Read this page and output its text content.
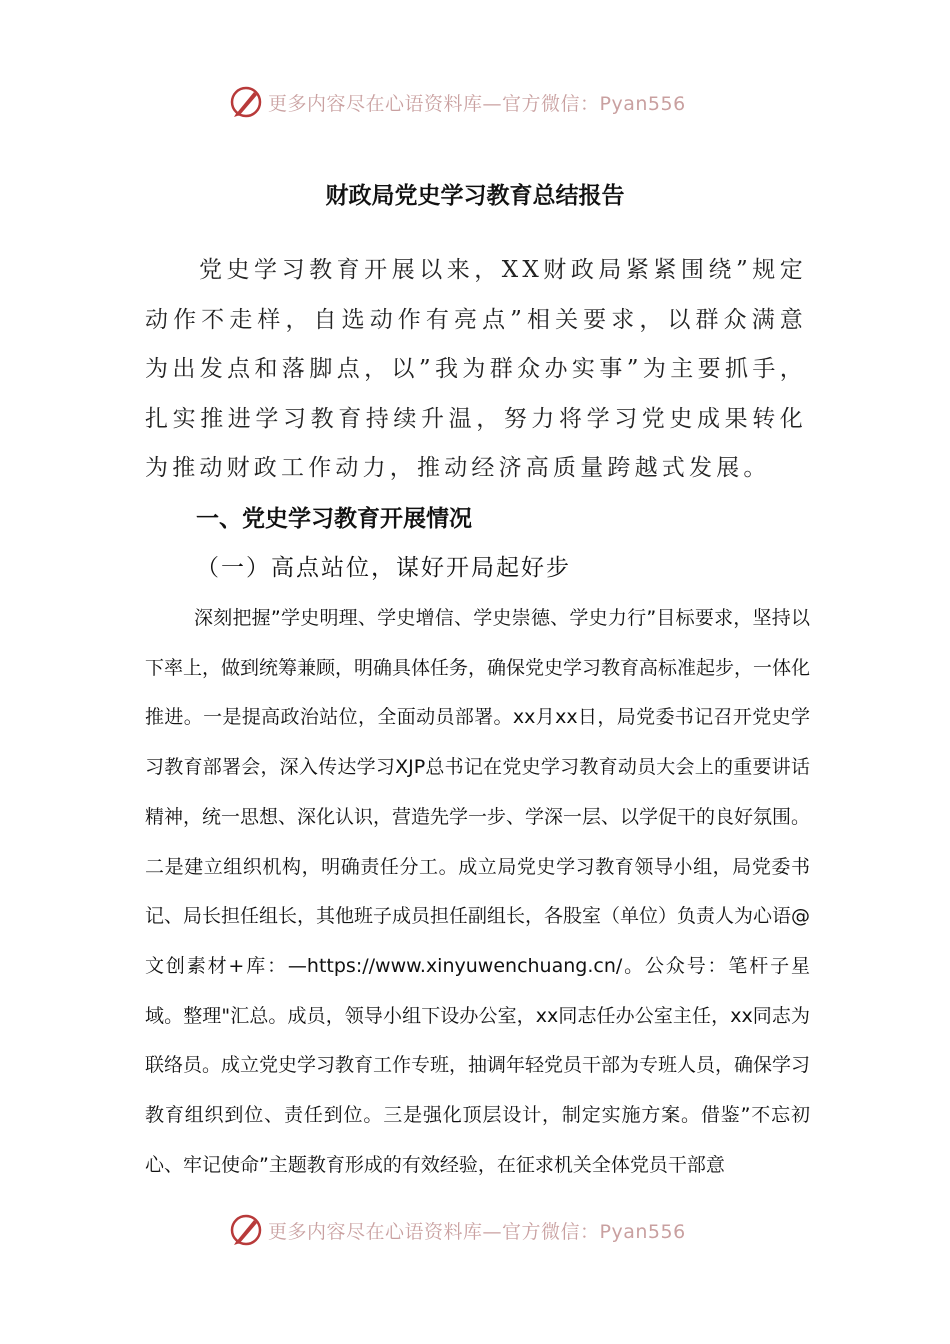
更多内容尽在心语资料库—官方微信：Pyan556
财政局党史学习教育总结报告

党史学习教育开展以来，XX财政局紧紧围绕”规定动作不走样，自选动作有亮点”相关要求，以群众满意为出发点和落脚点，以”我为群众办实事”为主要抓手，扎实推进学习教育持续升温，努力将学习党史成果转化为推动财政工作动力，推动经济高质量跨越式发展。

一、党史学习教育开展情况
（一）高点站位，谋好开局起好步

深刻把握”学史明理、学史增信、学史崇德、学史力行”目标要求，坚持以下率上，做到统筹兼顾，明确具体任务，确保党史学习教育高标准起步，一体化推进。一是提高政治站位，全面动员部署。xx月xx日，局党委书记召开党史学习教育部署会，深入传达学习XJP总书记在党史学习教育动员大会上的重要讲话精神，统一思想、深化认识，营造先学一步、学深一层、以学促干的良好氛围。二是建立组织机构，明确责任分工。成立局党史学习教育领导小组，局党委书记、局长担任组长，其他班子成员担任副组长，各股室（单位）负责人为心语@文创素材+库：—https://www.xinyuwenchuang.cn/。公众号：笔杆子星域。整理"汇总。成员，领导小组下设办公室，xx同志任办公室主任，xx同志为联络员。成立党史学习教育工作专班，抽调年轻党员干部为专班人员，确保学习教育组织到位、责任到位。三是强化顶层设计，制定实施方案。借鉴”不忘初心、牢记使命”主题教育形成的有效经验，在征求机关全体党员干部意

更多内容尽在心语资料库—官方微信：Pyan556
